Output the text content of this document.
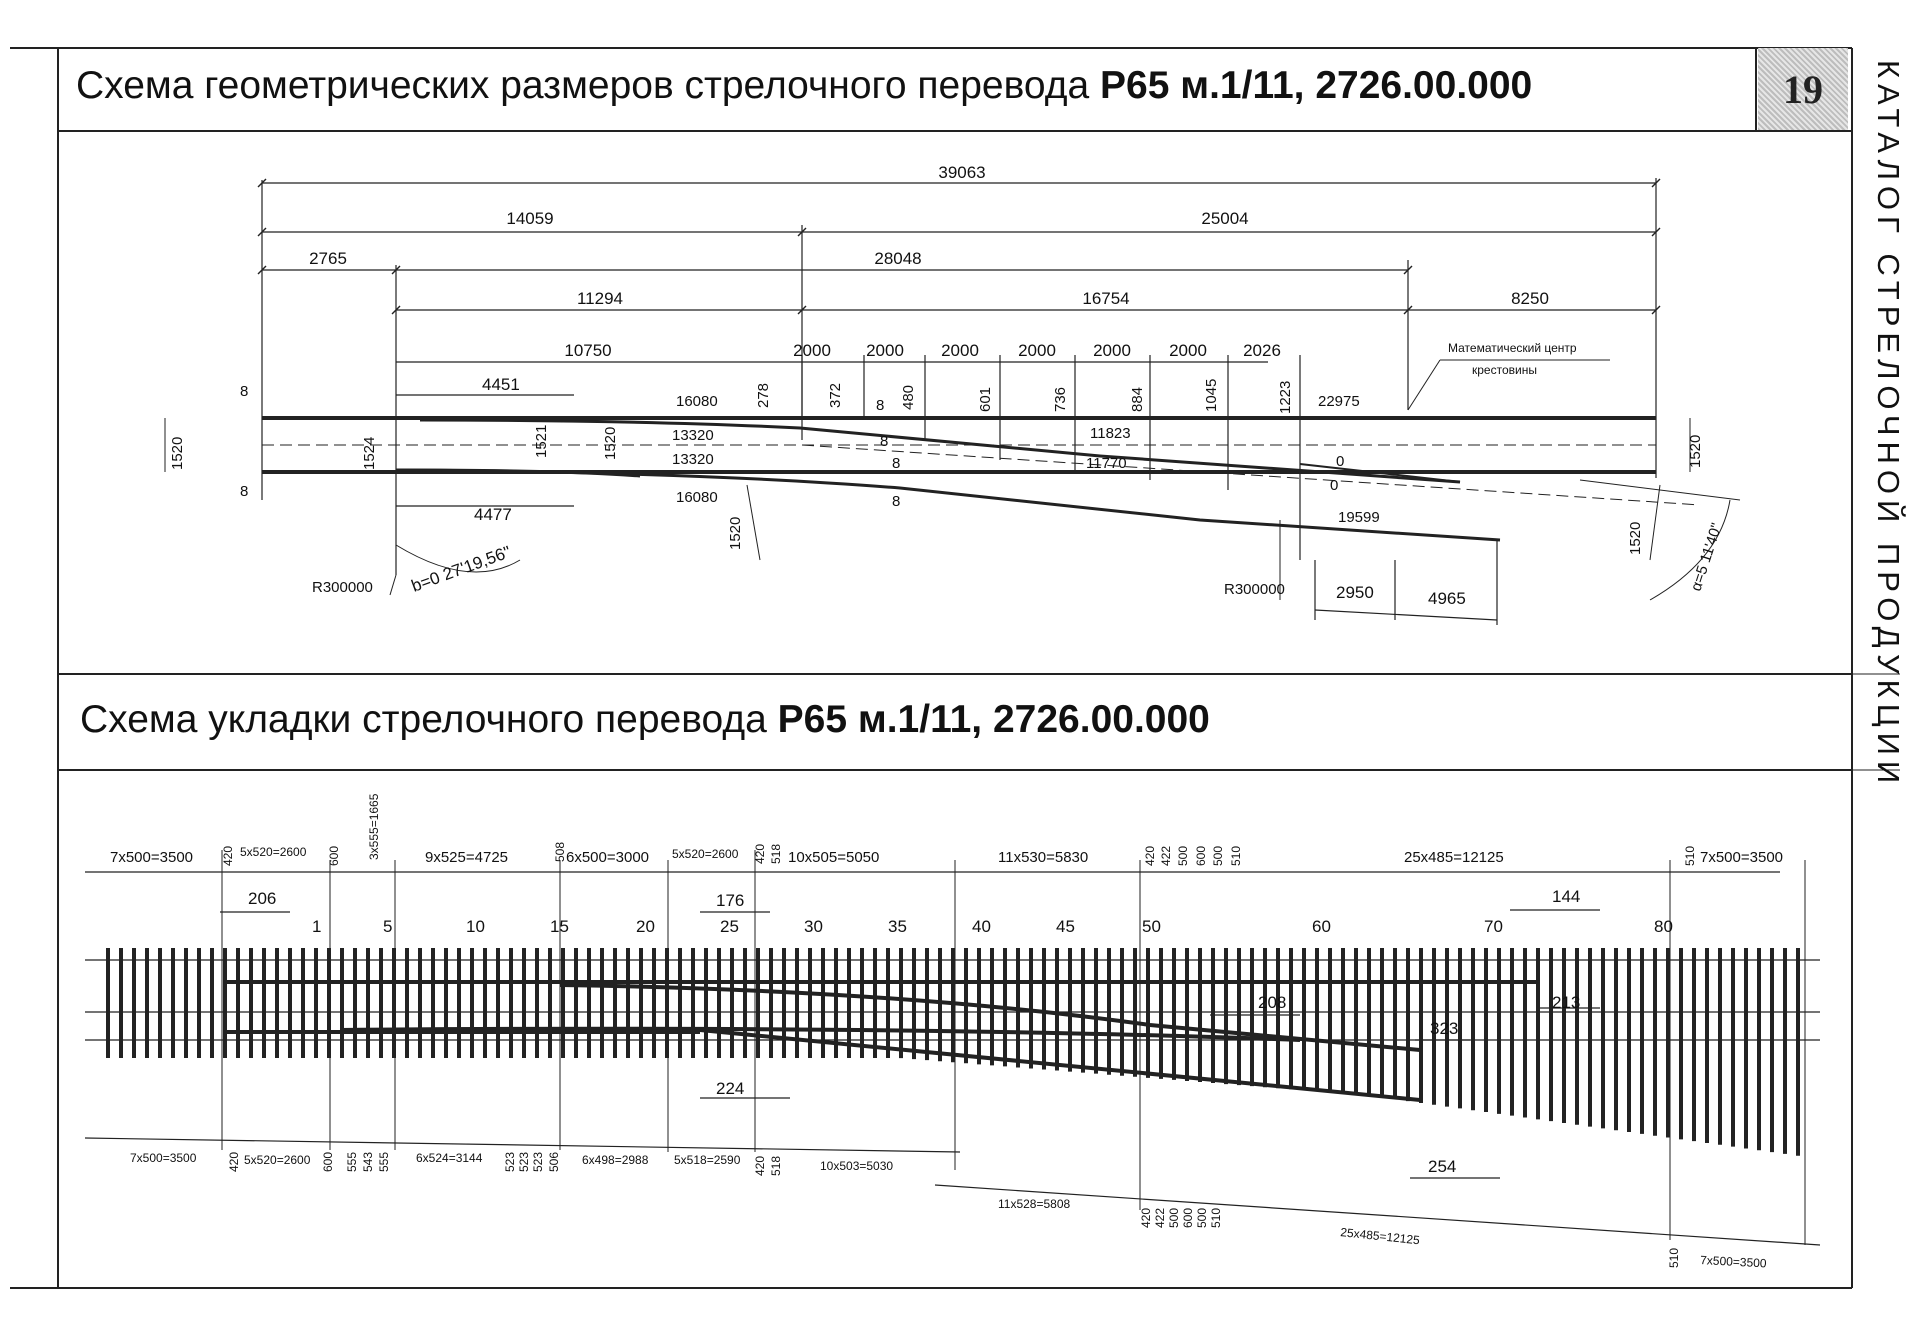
39063
14059	25004
2765	28048
11294	16754	8250
10750	2000 2000 2000 2000 2000 2000 2026
278	372	480	601	736	884	1045	1223
4451
4477
16080
16080
13320
13320
11823
11770
22975
19599
2950	4965
1520	1524	1521	1520
1520
1520
1520
8
8
8
8
8
8
0
0
R300000	R300000
b=0 27'19,56"	α=5 11'40"
Математический центр
крестовины
7x500=3500 420 5x520=2600 600 3x555=1665	9x525=4725	508 6x500=3000 5x520=2600 420 518 10x505=5050	11x530=5830	420 422 500 600 500 510	25x485=12125	510 7x500=3500
1	5	10	15	20	25	30	35	40	45	50	60	70	80
206	176	144
208	213
323
224
254
7x500=3500	420 5x520=2600 600 555 543 555 6x524=3144 523 523 523 506 6x498=2988 5x518=2590 420 518	10x503=5030
11x528=5808
420 422 500 600 500 510
25x485=12125
510 7x500=3500
Схема геометрических размеров стрелочного перевода Р65 м.1/11, 2726.00.000
Схема укладки стрелочного перевода Р65 м.1/11, 2726.00.000
19 КАТАЛОГ СТРЕЛОЧНОЙ ПРОДУКЦИИ
